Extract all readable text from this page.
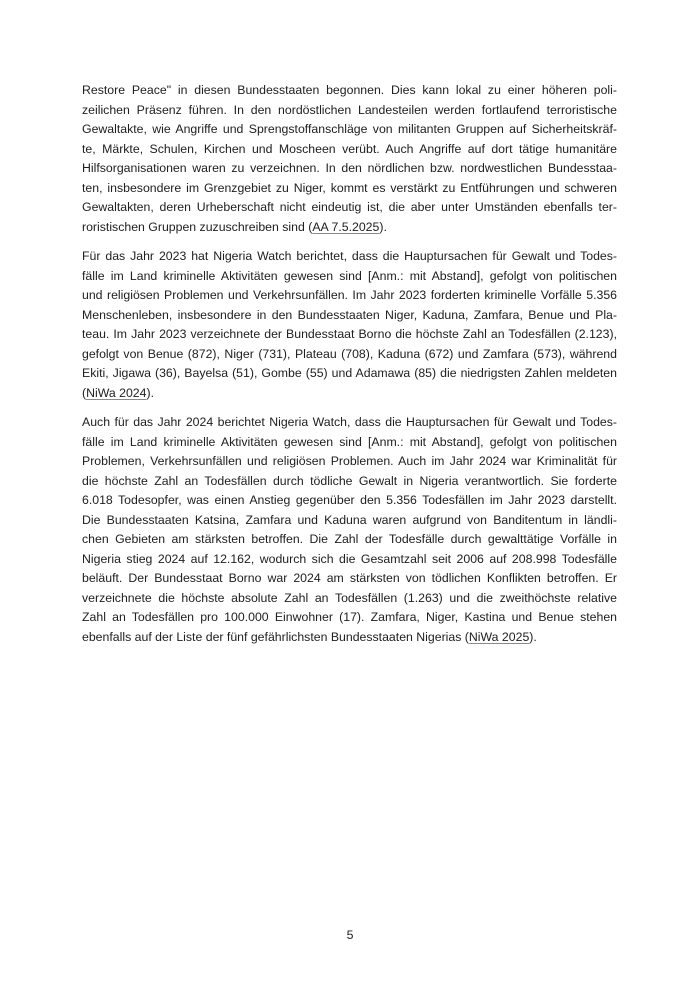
Restore Peace" in diesen Bundesstaaten begonnen. Dies kann lokal zu einer höheren poli-
zeilichen Präsenz führen. In den nordöstlichen Landesteilen werden fortlaufend terroristische
Gewaltakte, wie Angriffe und Sprengstoffanschläge von militanten Gruppen auf Sicherheitskräf-
te, Märkte, Schulen, Kirchen und Moscheen verübt. Auch Angriffe auf dort tätige humanitäre
Hilfsorganisationen waren zu verzeichnen. In den nördlichen bzw. nordwestlichen Bundesstaa-
ten, insbesondere im Grenzgebiet zu Niger, kommt es verstärkt zu Entführungen und schweren
Gewaltakten, deren Urheberschaft nicht eindeutig ist, die aber unter Umständen ebenfalls ter-
roristischen Gruppen zuzuschreiben sind (AA 7.5.2025).
Für das Jahr 2023 hat Nigeria Watch berichtet, dass die Hauptursachen für Gewalt und Todes-
fälle im Land kriminelle Aktivitäten gewesen sind [Anm.: mit Abstand], gefolgt von politischen
und religiösen Problemen und Verkehrsunfällen. Im Jahr 2023 forderten kriminelle Vorfälle 5.356
Menschenleben, insbesondere in den Bundesstaaten Niger, Kaduna, Zamfara, Benue und Pla-
teau. Im Jahr 2023 verzeichnete der Bundesstaat Borno die höchste Zahl an Todesfällen (2.123),
gefolgt von Benue (872), Niger (731), Plateau (708), Kaduna (672) und Zamfara (573), während
Ekiti, Jigawa (36), Bayelsa (51), Gombe (55) und Adamawa (85) die niedrigsten Zahlen meldeten
(NiWa 2024).
Auch für das Jahr 2024 berichtet Nigeria Watch, dass die Hauptursachen für Gewalt und Todes-
fälle im Land kriminelle Aktivitäten gewesen sind [Anm.: mit Abstand], gefolgt von politischen
Problemen, Verkehrsunfällen und religiösen Problemen. Auch im Jahr 2024 war Kriminalität für
die höchste Zahl an Todesfällen durch tödliche Gewalt in Nigeria verantwortlich. Sie forderte
6.018 Todesopfer, was einen Anstieg gegenüber den 5.356 Todesfällen im Jahr 2023 darstellt.
Die Bundesstaaten Katsina, Zamfara und Kaduna waren aufgrund von Banditentum in ländli-
chen Gebieten am stärksten betroffen. Die Zahl der Todesfälle durch gewalttätige Vorfälle in
Nigeria stieg 2024 auf 12.162, wodurch sich die Gesamtzahl seit 2006 auf 208.998 Todesfälle
beläuft. Der Bundesstaat Borno war 2024 am stärksten von tödlichen Konflikten betroffen. Er
verzeichnete die höchste absolute Zahl an Todesfällen (1.263) und die zweithöchste relative
Zahl an Todesfällen pro 100.000 Einwohner (17). Zamfara, Niger, Kastina und Benue stehen
ebenfalls auf der Liste der fünf gefährlichsten Bundesstaaten Nigerias (NiWa 2025).
5
